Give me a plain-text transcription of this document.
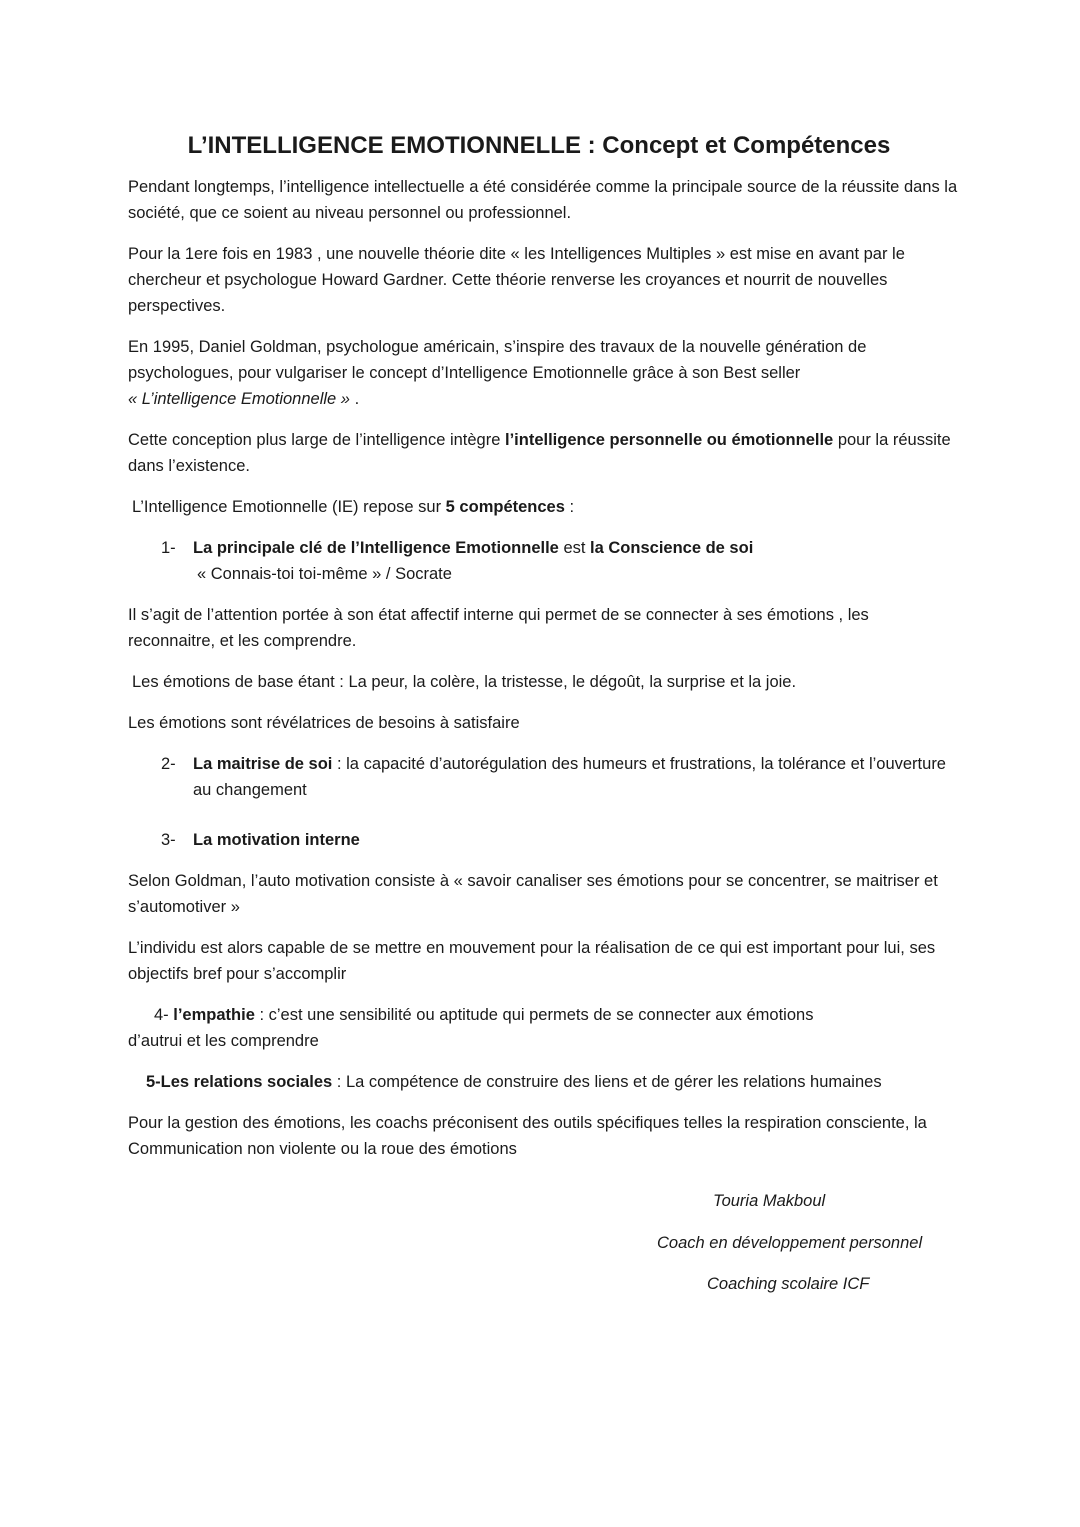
L’INTELLIGENCE EMOTIONNELLE : Concept et Compétences

Pendant longtemps, l’intelligence intellectuelle a été considérée comme la principale source de la réussite dans la société, que ce soient au niveau personnel ou professionnel.

Pour la 1ere fois en 1983 , une nouvelle théorie dite « les Intelligences Multiples » est mise en avant par le chercheur et psychologue Howard Gardner. Cette théorie renverse les croyances et nourrit de nouvelles perspectives.

En 1995, Daniel Goldman, psychologue américain, s’inspire des travaux de la nouvelle génération de psychologues, pour vulgariser le concept d’Intelligence Emotionnelle grâce à son Best seller
« L’intelligence Emotionnelle » .

Cette conception plus large de l’intelligence intègre l’intelligence personnelle ou émotionnelle pour la réussite dans l’existence.

L’Intelligence Emotionnelle (IE) repose sur 5 compétences :

1-	La principale clé de l’Intelligence Emotionnelle est la Conscience de soi
« Connais-toi toi-même » / Socrate

Il s’agit de l’attention portée à son état affectif interne qui permet de se connecter à ses émotions , les reconnaitre, et les comprendre.

Les émotions de base étant : La peur, la colère, la tristesse, le dégoût, la surprise et la joie.

Les émotions sont révélatrices de besoins à satisfaire

2-	La maitrise de soi : la capacité d’autorégulation des humeurs et frustrations, la tolérance et l’ouverture au changement
3-	La motivation interne

Selon Goldman, l’auto motivation consiste à « savoir canaliser ses émotions pour se concentrer, se maitriser et s’automotiver »

L’individu est alors capable de se mettre en mouvement pour la réalisation de ce qui est important pour lui, ses objectifs bref pour s’accomplir

4- l’empathie : c’est une sensibilité ou aptitude qui permets de se connecter aux émotions

d’autrui et les comprendre

5-Les relations sociales : La compétence de construire des liens et de gérer les relations humaines

Pour la gestion des émotions, les coachs préconisent des outils spécifiques telles la respiration consciente, la Communication non violente ou la roue des émotions

Touria Makboul
Coach en développement personnel
Coaching scolaire ICF
